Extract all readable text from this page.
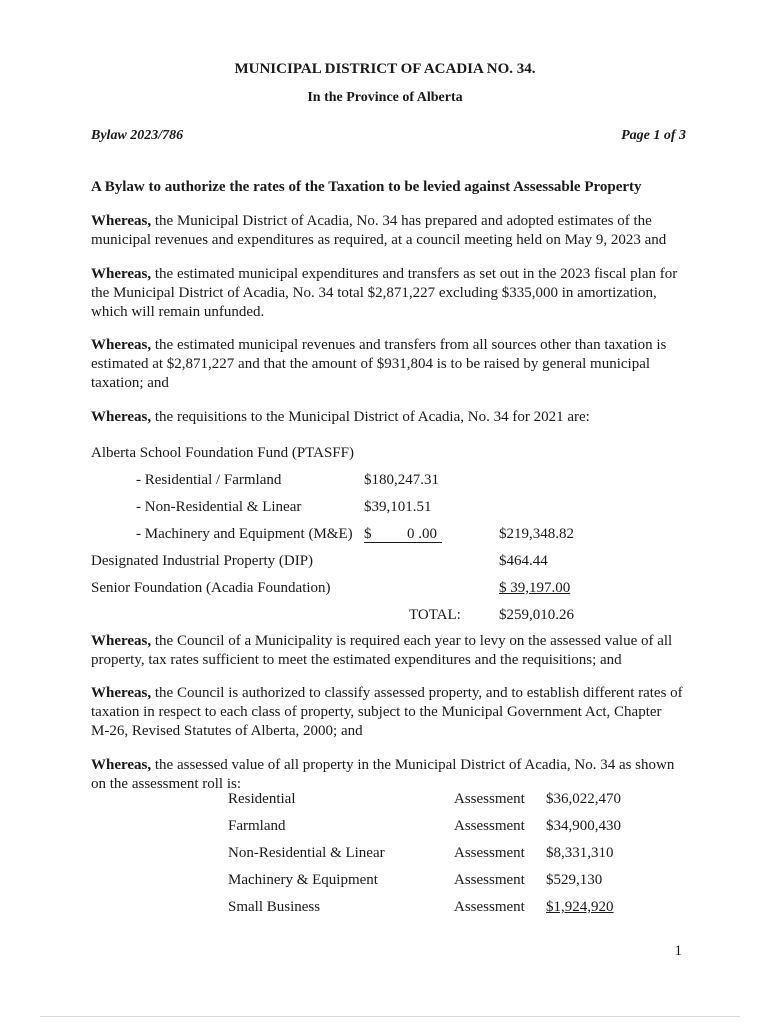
MUNICIPAL DISTRICT OF ACADIA NO. 34.
In the Province of Alberta
Bylaw 2023/786	Page 1 of 3
A Bylaw to authorize the rates of the Taxation to be levied against Assessable Property
Whereas, the Municipal District of Acadia, No. 34 has prepared and adopted estimates of the
municipal revenues and expenditures as required, at a council meeting held on May 9, 2023 and
Whereas, the estimated municipal expenditures and transfers as set out in the 2023 fiscal plan for
the Municipal District of Acadia, No. 34 total $2,871,227 excluding $335,000 in amortization,
which will remain unfunded.
Whereas, the estimated municipal revenues and transfers from all sources other than taxation is
estimated at $2,871,227 and that the amount of $931,804 is to be raised by general municipal
taxation; and
Whereas, the requisitions to the Municipal District of Acadia, No. 34 for 2021 are:
Alberta School Foundation Fund (PTASFF)
- Residential / Farmland	$180,247.31
- Non-Residential & Linear	$39,101.51
- Machinery and Equipment (M&E) $ 0 .00	$219,348.82
Designated Industrial Property (DIP)	$464.44
Senior Foundation (Acadia Foundation)	$ 39,197.00
TOTAL:	$259,010.26
Whereas, the Council of a Municipality is required each year to levy on the assessed value of all
property, tax rates sufficient to meet the estimated expenditures and the requisitions; and
Whereas, the Council is authorized to classify assessed property, and to establish different rates of
taxation in respect to each class of property, subject to the Municipal Government Act, Chapter
M-26, Revised Statutes of Alberta, 2000; and
Whereas, the assessed value of all property in the Municipal District of Acadia, No. 34 as shown
on the assessment roll is:
Residential	Assessment $36,022,470
Farmland	Assessment $34,900,430
Non-Residential & Linear	Assessment $8,331,310
Machinery & Equipment	Assessment $529,130
Small Business	Assessment $1,924,920
1
